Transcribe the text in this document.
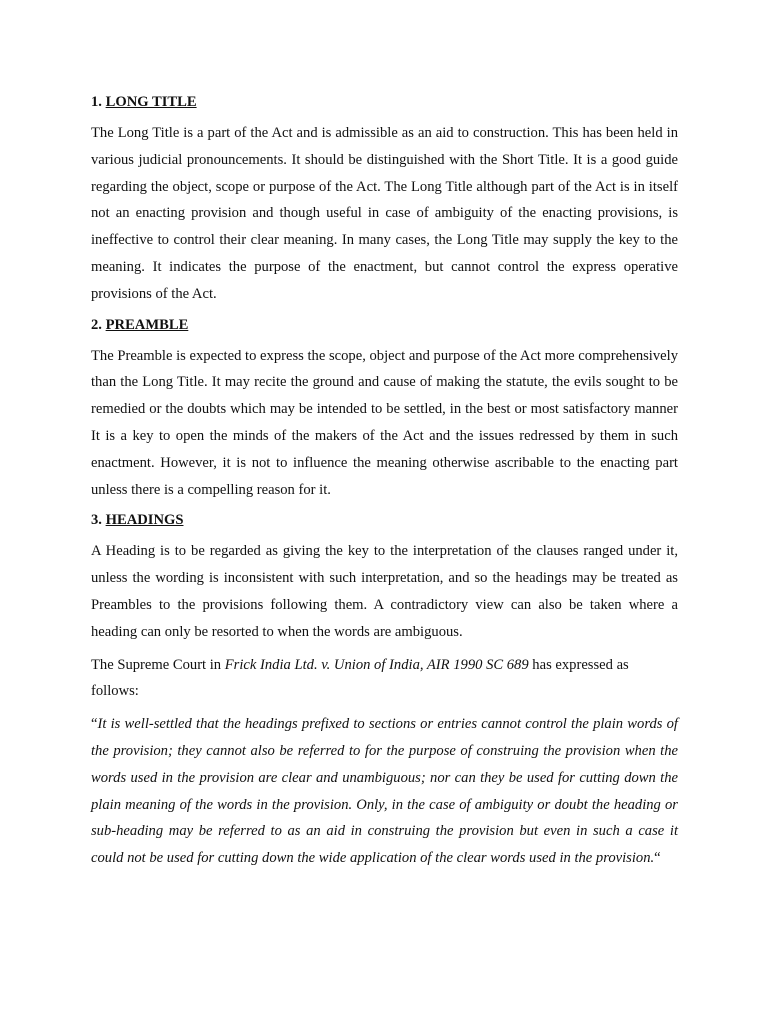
1. LONG TITLE

The Long Title is a part of the Act and is admissible as an aid to construction. This has been held in various judicial pronouncements. It should be distinguished with the Short Title. It is a good guide regarding the object, scope or purpose of the Act. The Long Title although part of the Act is in itself not an enacting provision and though useful in case of ambiguity of the enacting provisions, is ineffective to control their clear meaning. In many cases, the Long Title may supply the key to the meaning. It indicates the purpose of the enactment, but cannot control the express operative provisions of the Act.

2. PREAMBLE

The Preamble is expected to express the scope, object and purpose of the Act more comprehensively than the Long Title. It may recite the ground and cause of making the statute, the evils sought to be remedied or the doubts which may be intended to be settled, in the best or most satisfactory manner It is a key to open the minds of the makers of the Act and the issues redressed by them in such enactment. However, it is not to influence the meaning otherwise ascribable to the enacting part unless there is a compelling reason for it.

3. HEADINGS

A Heading is to be regarded as giving the key to the interpretation of the clauses ranged under it, unless the wording is inconsistent with such interpretation, and so the headings may be treated as Preambles to the provisions following them. A contradictory view can also be taken where a heading can only be resorted to when the words are ambiguous.

The Supreme Court in Frick India Ltd. v. Union of India, AIR 1990 SC 689 has expressed as follows:

“It is well-settled that the headings prefixed to sections or entries cannot control the plain words of the provision; they cannot also be referred to for the purpose of construing the provision when the words used in the provision are clear and unambiguous; nor can they be used for cutting down the plain meaning of the words in the provision. Only, in the case of ambiguity or doubt the heading or sub-heading may be referred to as an aid in construing the provision but even in such a case it could not be used for cutting down the wide application of the clear words used in the provision.“
